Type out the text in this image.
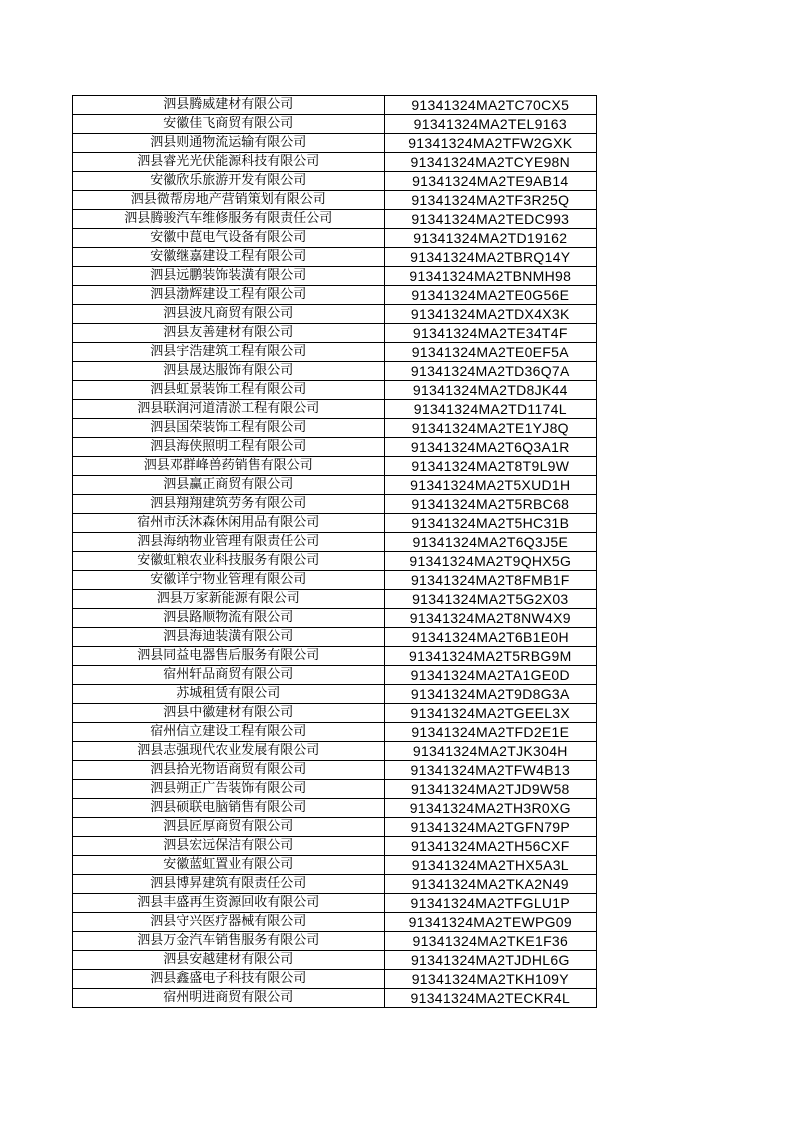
泗县腾威建材有限公司	91341324MA2TC70CX5
安徽佳飞商贸有限公司	91341324MA2TEL9163
泗县则通物流运输有限公司	91341324MA2TFW2GXK
泗县睿光光伏能源科技有限公司	91341324MA2TCYE98N
安徽欣乐旅游开发有限公司	91341324MA2TE9AB14
泗县微帮房地产营销策划有限公司	91341324MA2TF3R25Q
泗县腾骏汽车维修服务有限责任公司	91341324MA2TEDC993
安徽中菎电气设备有限公司	91341324MA2TD19162
安徽继嘉建设工程有限公司	91341324MA2TBRQ14Y
泗县远鹏装饰装潢有限公司	91341324MA2TBNMH98
泗县渤辉建设工程有限公司	91341324MA2TE0G56E
泗县波凡商贸有限公司	91341324MA2TDX4X3K
泗县友善建材有限公司	91341324MA2TE34T4F
泗县宇浩建筑工程有限公司	91341324MA2TE0EF5A
泗县晟达服饰有限公司	91341324MA2TD36Q7A
泗县虹景装饰工程有限公司	91341324MA2TD8JK44
泗县联润河道清淤工程有限公司	91341324MA2TD1174L
泗县国荣装饰工程有限公司	91341324MA2TE1YJ8Q
泗县海侠照明工程有限公司	91341324MA2T6Q3A1R
泗县邓群峰兽药销售有限公司	91341324MA2T8T9L9W
泗县赢正商贸有限公司	91341324MA2T5XUD1H
泗县翔翔建筑劳务有限公司	91341324MA2T5RBC68
宿州市沃沐森休闲用品有限公司	91341324MA2T5HC31B
泗县海纳物业管理有限责任公司	91341324MA2T6Q3J5E
安徽虹粮农业科技服务有限公司	91341324MA2T9QHX5G
安徽详宁物业管理有限公司	91341324MA2T8FMB1F
泗县万家新能源有限公司	91341324MA2T5G2X03
泗县路顺物流有限公司	91341324MA2T8NW4X9
泗县海迪装潢有限公司	91341324MA2T6B1E0H
泗县同益电器售后服务有限公司	91341324MA2T5RBG9M
宿州轩品商贸有限公司	91341324MA2TA1GE0D
苏城租赁有限公司	91341324MA2T9D8G3A
泗县中徽建材有限公司	91341324MA2TGEEL3X
宿州信立建设工程有限公司	91341324MA2TFD2E1E
泗县志强现代农业发展有限公司	91341324MA2TJK304H
泗县拾光物语商贸有限公司	91341324MA2TFW4B13
泗县朔正广告装饰有限公司	91341324MA2TJD9W58
泗县硕联电脑销售有限公司	91341324MA2TH3R0XG
泗县匠厚商贸有限公司	91341324MA2TGFN79P
泗县宏远保洁有限公司	91341324MA2TH56CXF
安徽蓝虹置业有限公司	91341324MA2THX5A3L
泗县博昇建筑有限责任公司	91341324MA2TKA2N49
泗县丰盛再生资源回收有限公司	91341324MA2TFGLU1P
泗县守兴医疗器械有限公司	91341324MA2TEWPG09
泗县万金汽车销售服务有限公司	91341324MA2TKE1F36
泗县安越建材有限公司	91341324MA2TJDHL6G
泗县鑫盛电子科技有限公司	91341324MA2TKH109Y
宿州明进商贸有限公司	91341324MA2TECKR4L
